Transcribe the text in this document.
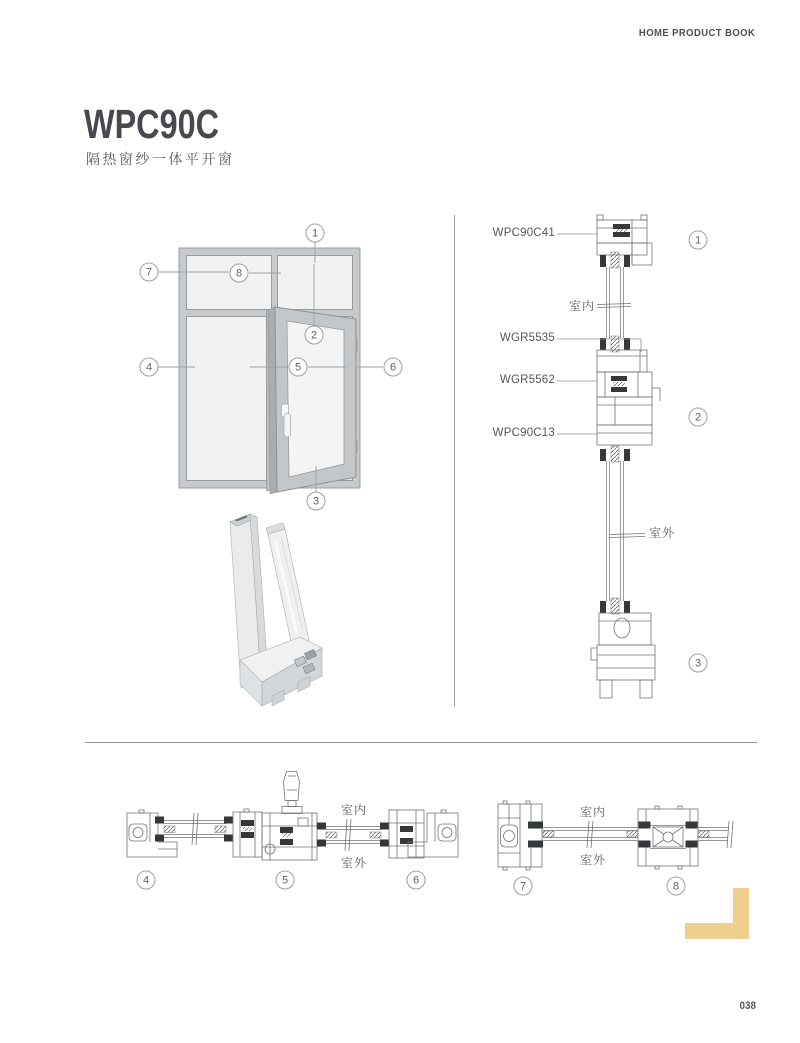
HOME PRODUCT BOOK
WPC90C
隔热窗纱一体平开窗
WPC90C41
WGR5535
WGR5562
WPC90C13
室内
室外
室内
室外
室内
室外
1
2
3
4	5	6
7	8
1
2
3
4	5	6	7	8
038
